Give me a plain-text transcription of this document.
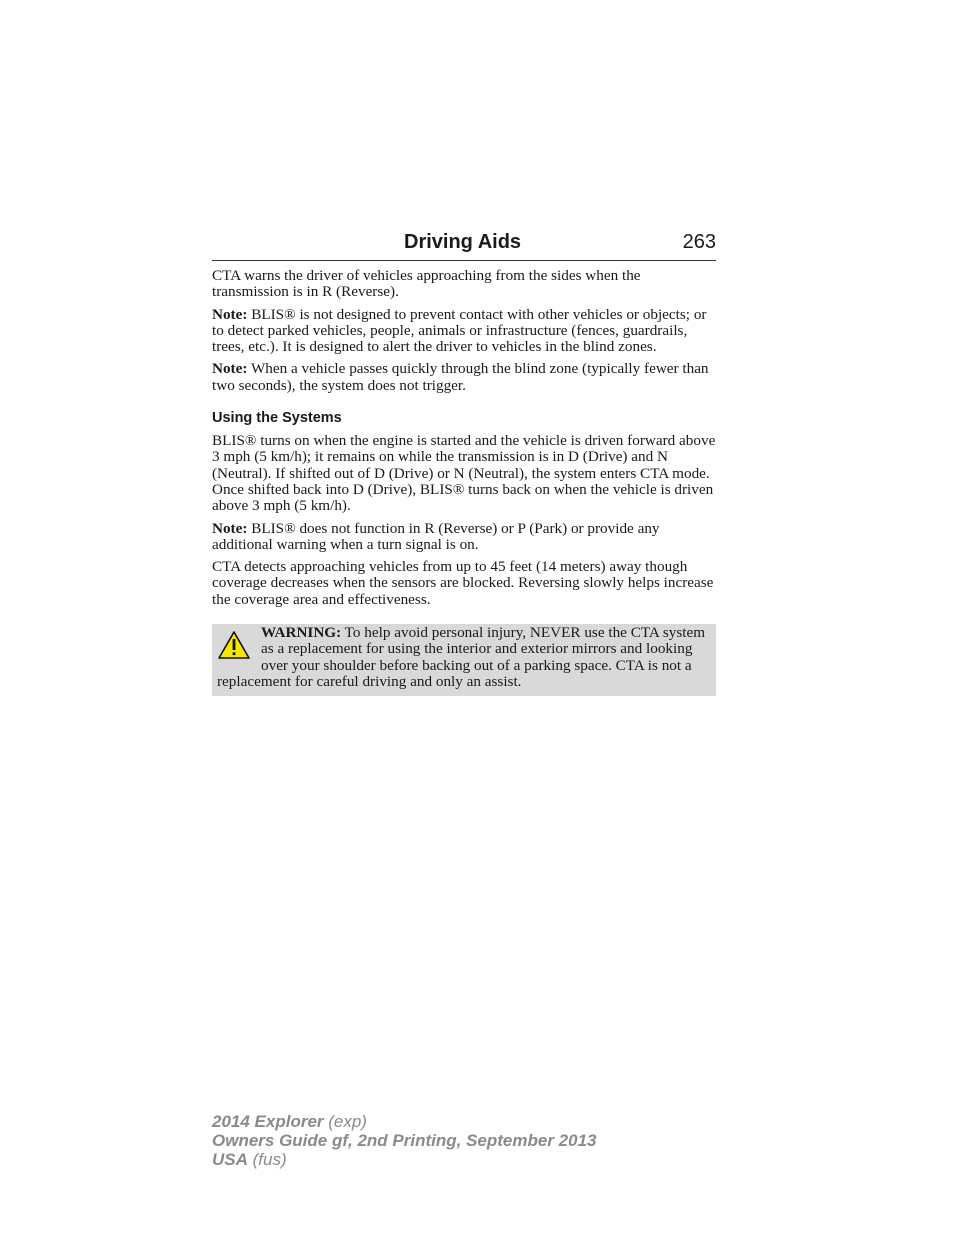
Driving Aids	263

CTA warns the driver of vehicles approaching from the sides when the transmission is in R (Reverse).

Note: BLIS® is not designed to prevent contact with other vehicles or objects; or to detect parked vehicles, people, animals or infrastructure (fences, guardrails, trees, etc.). It is designed to alert the driver to vehicles in the blind zones.

Note: When a vehicle passes quickly through the blind zone (typically fewer than two seconds), the system does not trigger.

Using the Systems

BLIS® turns on when the engine is started and the vehicle is driven forward above 3 mph (5 km/h); it remains on while the transmission is in D (Drive) and N (Neutral). If shifted out of D (Drive) or N (Neutral), the system enters CTA mode. Once shifted back into D (Drive), BLIS® turns back on when the vehicle is driven above 3 mph (5 km/h).

Note: BLIS® does not function in R (Reverse) or P (Park) or provide any additional warning when a turn signal is on.

CTA detects approaching vehicles from up to 45 feet (14 meters) away though coverage decreases when the sensors are blocked. Reversing slowly helps increase the coverage area and effectiveness.

WARNING: To help avoid personal injury, NEVER use the CTA system as a replacement for using the interior and exterior mirrors and looking over your shoulder before backing out of a parking space. CTA is not a replacement for careful driving and only an assist.

2014 Explorer (exp)
Owners Guide gf, 2nd Printing, September 2013
USA (fus)
